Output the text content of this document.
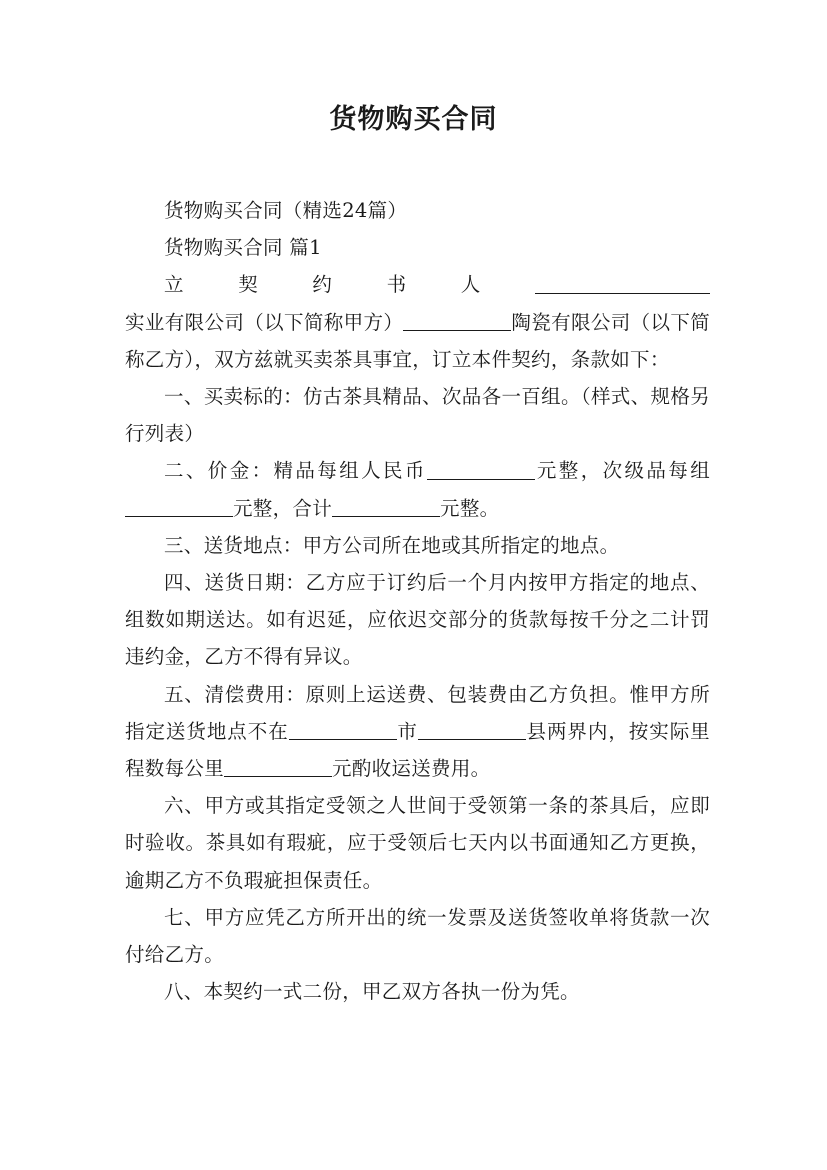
货物购买合同

货物购买合同（精选24篇）

货物购买合同 篇1

立契约书人实业有限公司（以下简称甲方）	陶瓷有限公司（以下简称乙方），双方兹就买卖茶具事宜，订立本件契约，条款如下：

一、买卖标的：仿古茶具精品、次品各一百组。（样式、规格另行列表）

二、价金：精品每组人民币	元整，次级品每组元整，合计	元整。

三、送货地点：甲方公司所在地或其所指定的地点。

四、送货日期：乙方应于订约后一个月内按甲方指定的地点、组数如期送达。如有迟延，应依迟交部分的货款每按千分之二计罚违约金，乙方不得有异议。

五、清偿费用：原则上运送费、包装费由乙方负担。惟甲方所指定送货地点不在	市	县两界内，按实际里程数每公里	元酌收运送费用。

六、甲方或其指定受领之人世间于受领第一条的茶具后，应即时验收。茶具如有瑕疵，应于受领后七天内以书面通知乙方更换，逾期乙方不负瑕疵担保责任。

七、甲方应凭乙方所开出的统一发票及送货签收单将货款一次付给乙方。

八、本契约一式二份，甲乙双方各执一份为凭。
